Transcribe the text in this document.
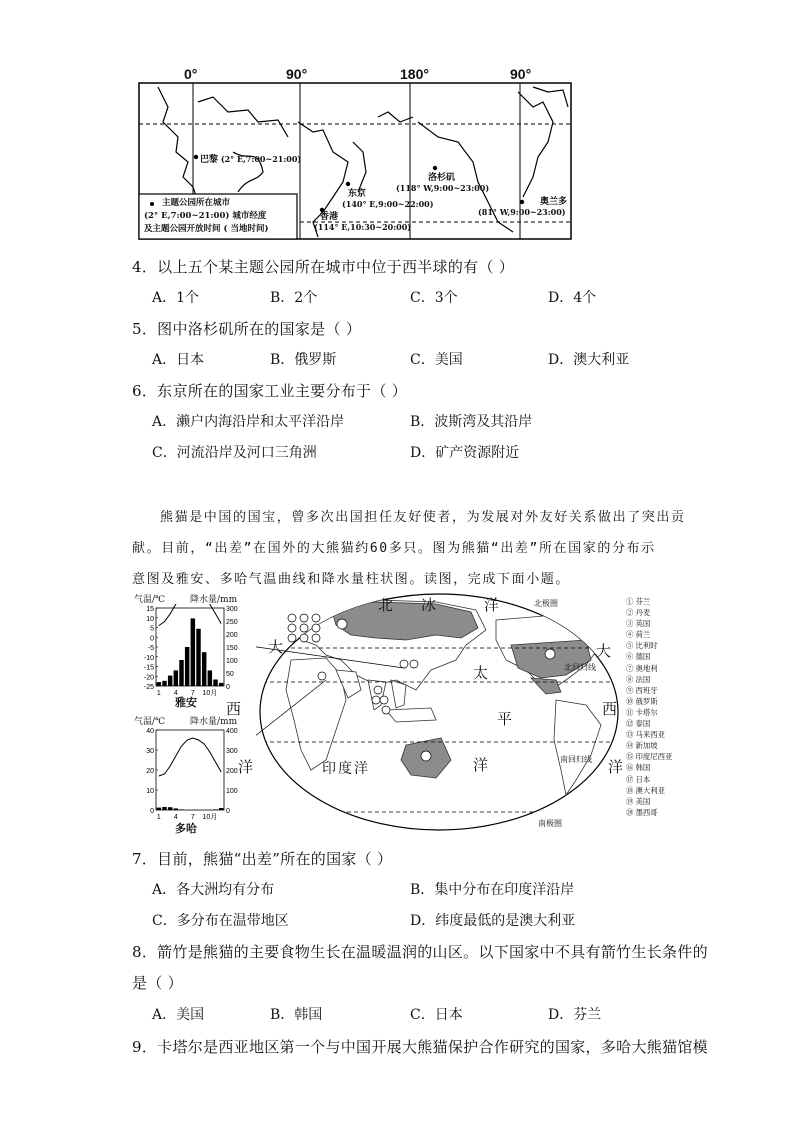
0°	90°	180°	90°
巴黎 (2° E,7:00~21:00)
东京
(140° E,9:00~22:00)
香港
(114° E,10:30~20:00)
洛杉矶
(118° W,9:00~23:00)
奥兰多
(81° W,9:00~23:00)
主题公园所在城市
(2° E,7:00~21:00) 城市经度
及主题公园开放时间 ( 当地时间)
4．以上五个某主题公园所在城市中位于西半球的有（ ）
A．1个	B．2个	C．3个	D．4个
5．图中洛杉矶所在的国家是（ ）
A．日本	B．俄罗斯	C．美国	D．澳大利亚
6．东京所在的国家工业主要分布于（ ）
A．濑户内海沿岸和太平洋沿岸	B．波斯湾及其沿岸
C．河流沿岸及河口三角洲	D．矿产资源附近
熊猫是中国的国宝，曾多次出国担任友好使者，为发展对外友好关系做出了突出贡
献。目前，“出差”在国外的大熊猫约60多只。图为熊猫“出差”所在国家的分布示
意图及雅安、多哈气温曲线和降水量柱状图。读图，完成下面小题。
气温/℃	降水量/mm
15
10
5
0
-5
-10
-15
-20
-25
300
250
200
150
100
50
0
1 4 7 10月
雅安
气温/℃	降水量/mm
40
30
20
10
0
400
300
200
100
0
1 4 7 10月
多哈
北 冰	洋
大
西
洋
太
平
洋
大
西
洋
印 度 洋
北极圈
北回归线
南回归线
南极圈
① 芬兰
② 丹麦
③ 英国
④ 荷兰
⑤ 比利时
⑥ 德国
⑦ 奥地利
⑧ 法国
⑨ 西班牙
⑩ 俄罗斯
⑪ 卡塔尔
⑫ 泰国
⑬ 马来西亚
⑭ 新加坡
⑮ 印度尼西亚
⑯ 韩国
⑰ 日本
⑱ 澳大利亚
⑲ 美国
⑳ 墨西哥
7．目前，熊猫“出差”所在的国家（ ）
A．各大洲均有分布	B．集中分布在印度洋沿岸
C．多分布在温带地区	D．纬度最低的是澳大利亚
8．箭竹是熊猫的主要食物生长在温暖温润的山区。以下国家中不具有箭竹生长条件的
是（ ）
A．美国	B．韩国	C．日本	D．芬兰
9．卡塔尔是西亚地区第一个与中国开展大熊猫保护合作研究的国家，多哈大熊猫馆模
